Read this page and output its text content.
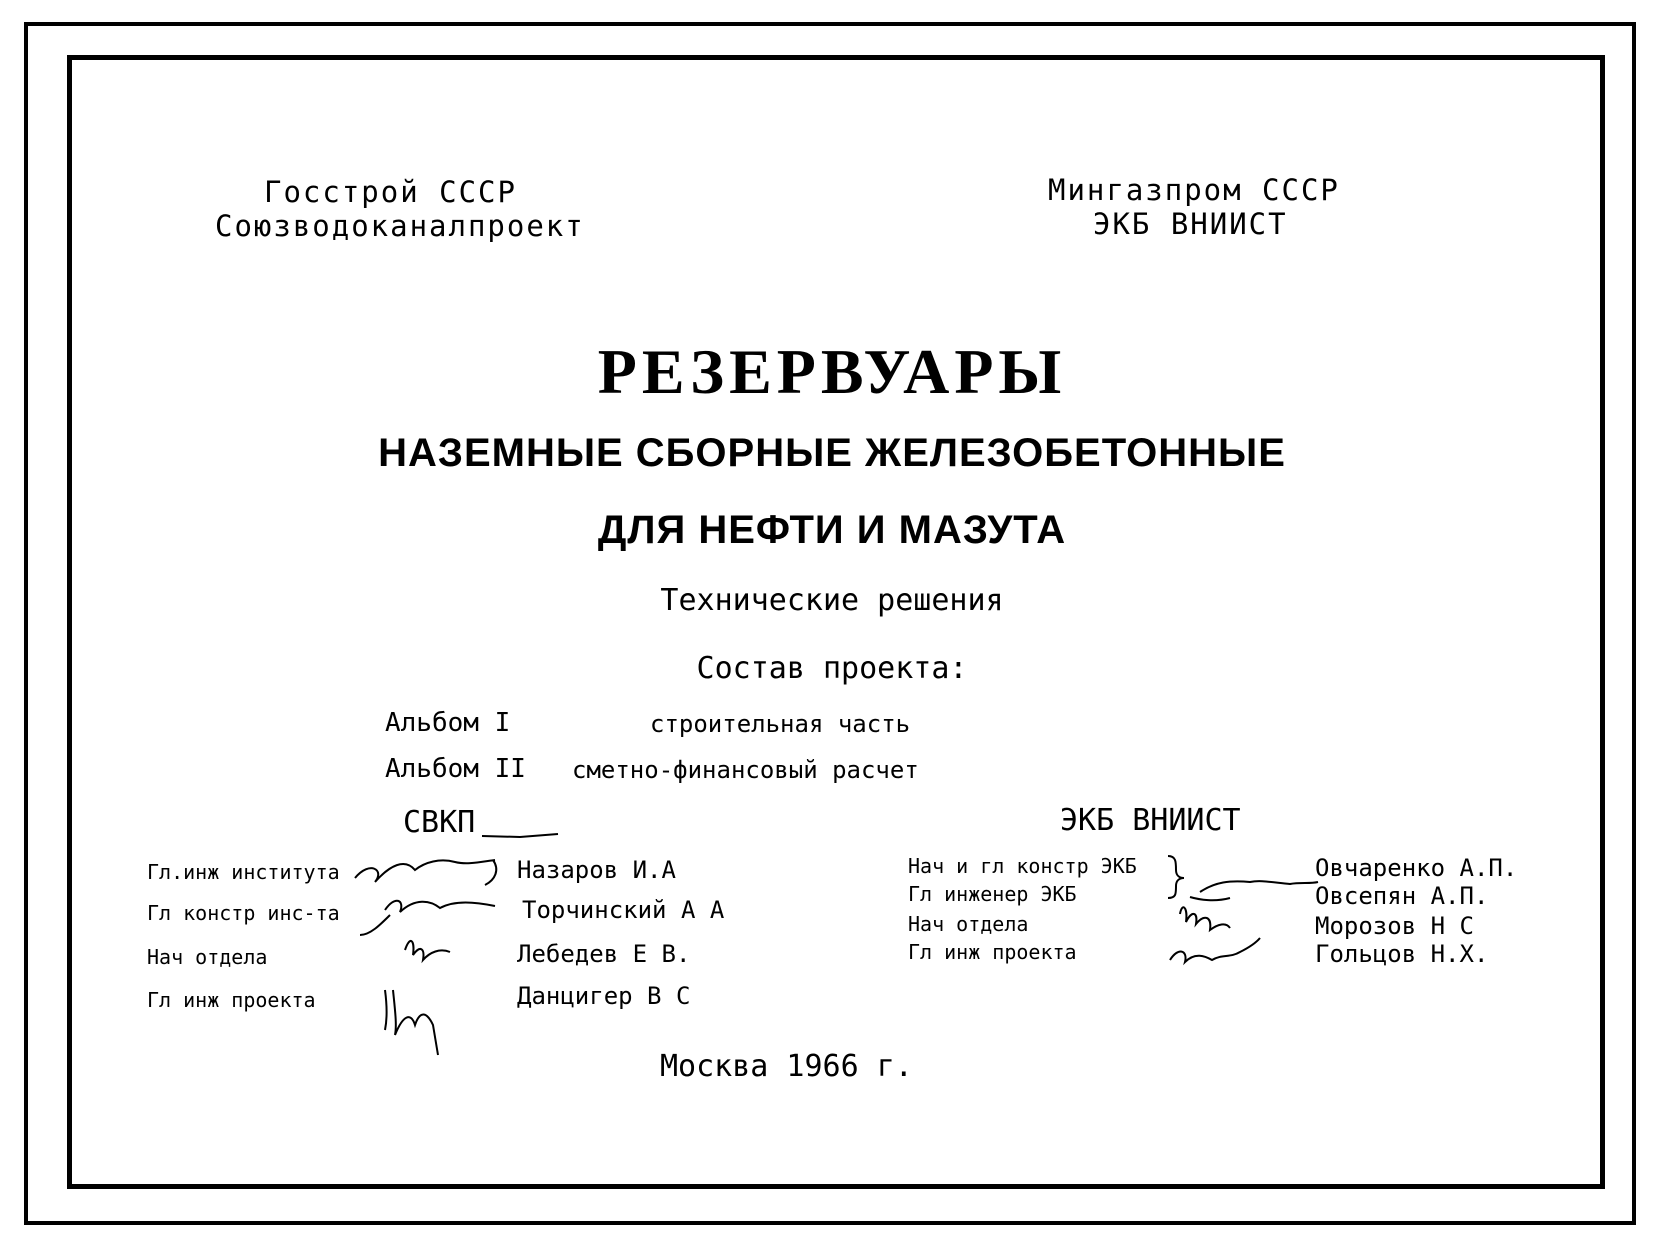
Госстрой СССР
Союзводоканалпроект
Мингазпром СССР
ЭКБ ВНИИСТ
РЕЗЕРВУАРЫ
НАЗЕМНЫЕ СБОРНЫЕ ЖЕЛЕЗОБЕТОННЫЕ
ДЛЯ НЕФТИ И МАЗУТА
Технические решения
Состав проекта:
Альбом I	строительная часть
Альбом II сметно-финансовый расчет
СВКП	ЭКБ ВНИИСТ
Гл.инж института	Назаров И.А
Гл констр инс-та	Торчинский А А
Нач отдела	Лебедев Е В.
Гл инж проекта	Данцигер В С
Нач и гл констр ЭКБ	Овчаренко А.П.
Гл инженер ЭКБ	Овсепян А.П.
Нач отдела	Морозов Н С
Гл инж проекта	Гольцов Н.Х.
Москва 1966 г.
